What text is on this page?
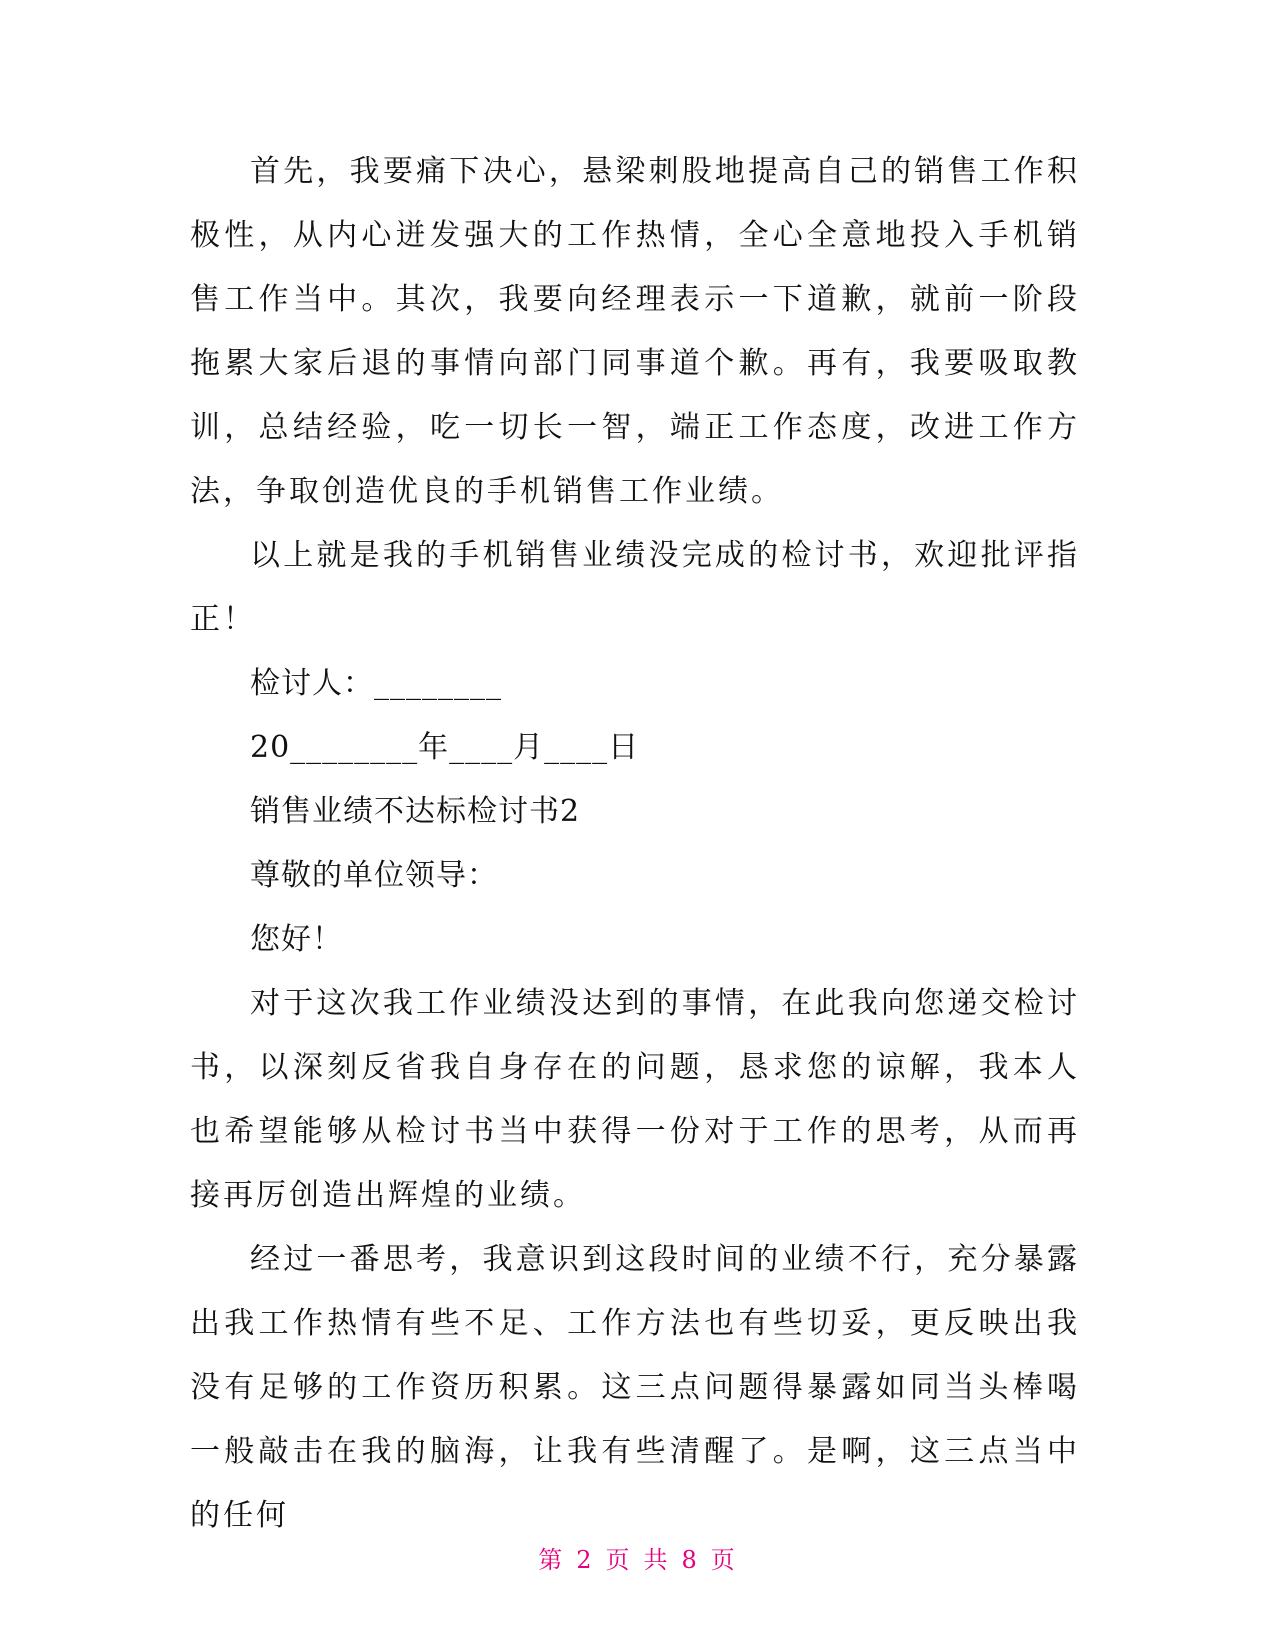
首先，我要痛下决心，悬梁刺股地提高自己的销售工作积极性，从内心迸发强大的工作热情，全心全意地投入手机销售工作当中。其次，我要向经理表示一下道歉，就前一阶段拖累大家后退的事情向部门同事道个歉。再有，我要吸取教训，总结经验，吃一切长一智，端正工作态度，改进工作方法，争取创造优良的手机销售工作业绩。

以上就是我的手机销售业绩没完成的检讨书，欢迎批评指正！

检讨人：________

20________年____月____日

销售业绩不达标检讨书2

尊敬的单位领导：

您好！

对于这次我工作业绩没达到的事情，在此我向您递交检讨书，以深刻反省我自身存在的问题，恳求您的谅解，我本人也希望能够从检讨书当中获得一份对于工作的思考，从而再接再厉创造出辉煌的业绩。

经过一番思考，我意识到这段时间的业绩不行，充分暴露出我工作热情有些不足、工作方法也有些切妥，更反映出我没有足够的工作资历积累。这三点问题得暴露如同当头棒喝一般敲击在我的脑海，让我有些清醒了。是啊，这三点当中的任何

第 2 页 共 8 页
